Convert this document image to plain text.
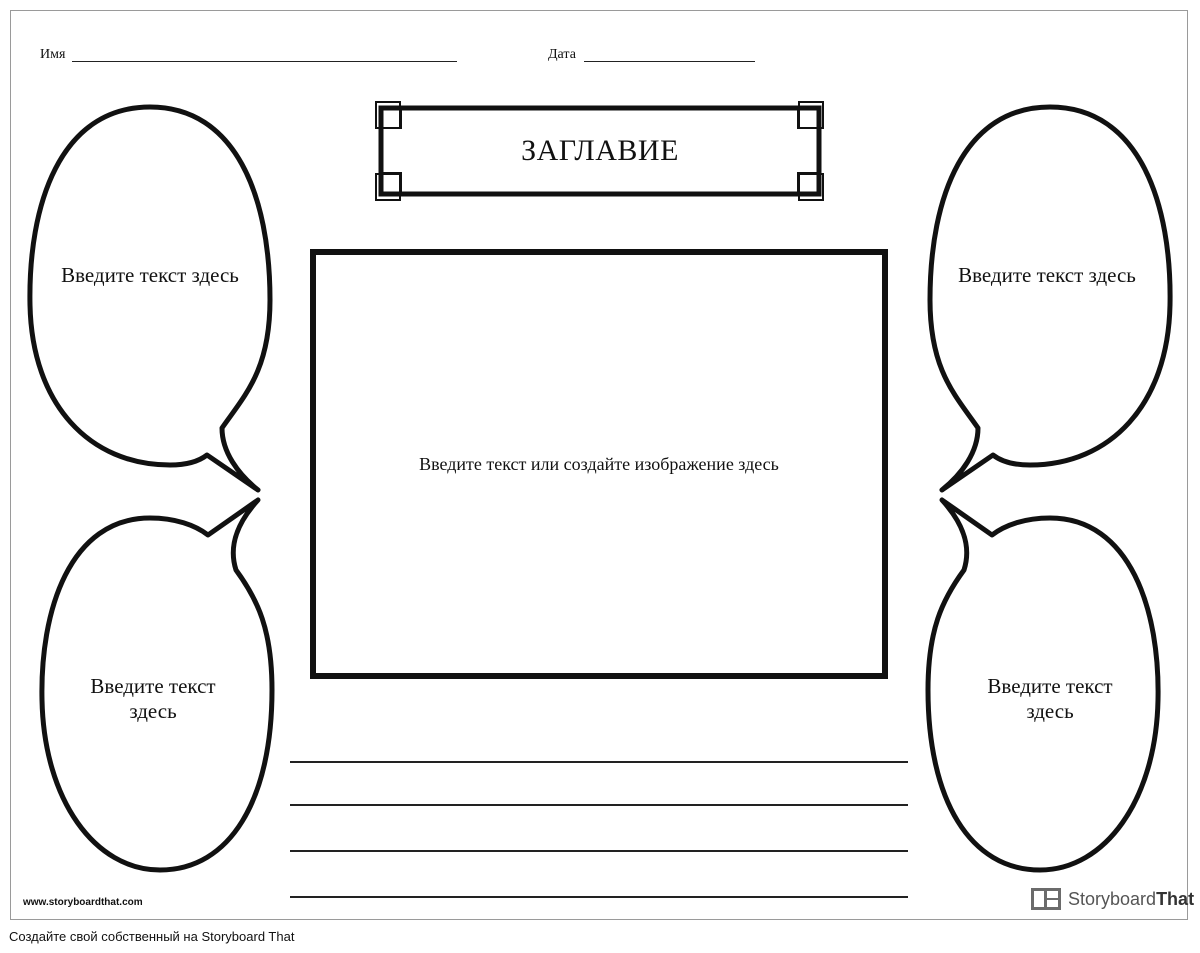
Имя	Дата
ЗАГЛАВИЕ
Введите текст здесь	Введите текст здесь
Введите текст здесь
Введите текст здесь
Введите текст или создайте изображение здесь
www.storyboardthat.com	StoryboardThat
Создайте свой собственный на Storyboard That
